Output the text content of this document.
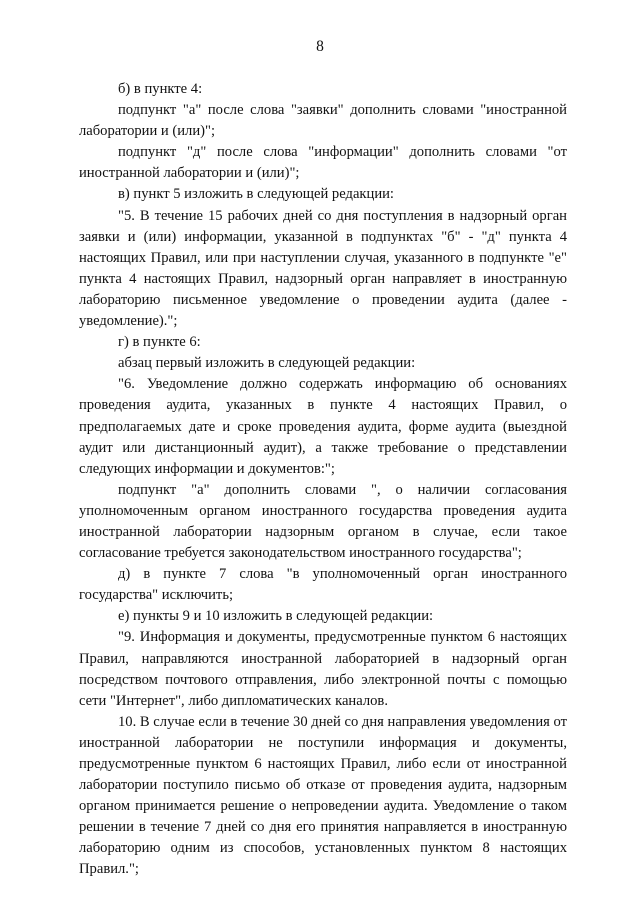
8

б) в пункте 4:

подпункт "а" после слова "заявки" дополнить словами "иностранной лаборатории и (или)";

подпункт "д" после слова "информации" дополнить словами "от иностранной лаборатории и (или)";

в) пункт 5 изложить в следующей редакции:

"5. В течение 15 рабочих дней со дня поступления в надзорный орган заявки и (или) информации, указанной в подпунктах "б" - "д" пункта 4 настоящих Правил, или при наступлении случая, указанного в подпункте "е" пункта 4 настоящих Правил, надзорный орган направляет в иностранную лабораторию письменное уведомление о проведении аудита (далее - уведомление).";

г) в пункте 6:

абзац первый изложить в следующей редакции:

"6. Уведомление должно содержать информацию об основаниях проведения аудита, указанных в пункте 4 настоящих Правил, о предполагаемых дате и сроке проведения аудита, форме аудита (выездной аудит или дистанционный аудит), а также требование о представлении следующих информации и документов:";

подпункт "а" дополнить словами ", о наличии согласования уполномоченным органом иностранного государства проведения аудита иностранной лаборатории надзорным органом в случае, если такое согласование требуется законодательством иностранного государства";

д) в пункте 7 слова "в уполномоченный орган иностранного государства" исключить;

е) пункты 9 и 10 изложить в следующей редакции:

"9. Информация и документы, предусмотренные пунктом 6 настоящих Правил, направляются иностранной лабораторией в надзорный орган посредством почтового отправления, либо электронной почты с помощью сети "Интернет", либо дипломатических каналов.

10. В случае если в течение 30 дней со дня направления уведомления от иностранной лаборатории не поступили информация и документы, предусмотренные пунктом 6 настоящих Правил, либо если от иностранной лаборатории поступило письмо об отказе от проведения аудита, надзорным органом принимается решение о непроведении аудита. Уведомление о таком решении в течение 7 дней со дня его принятия направляется в иностранную лабораторию одним из способов, установленных пунктом 8 настоящих Правил.";
